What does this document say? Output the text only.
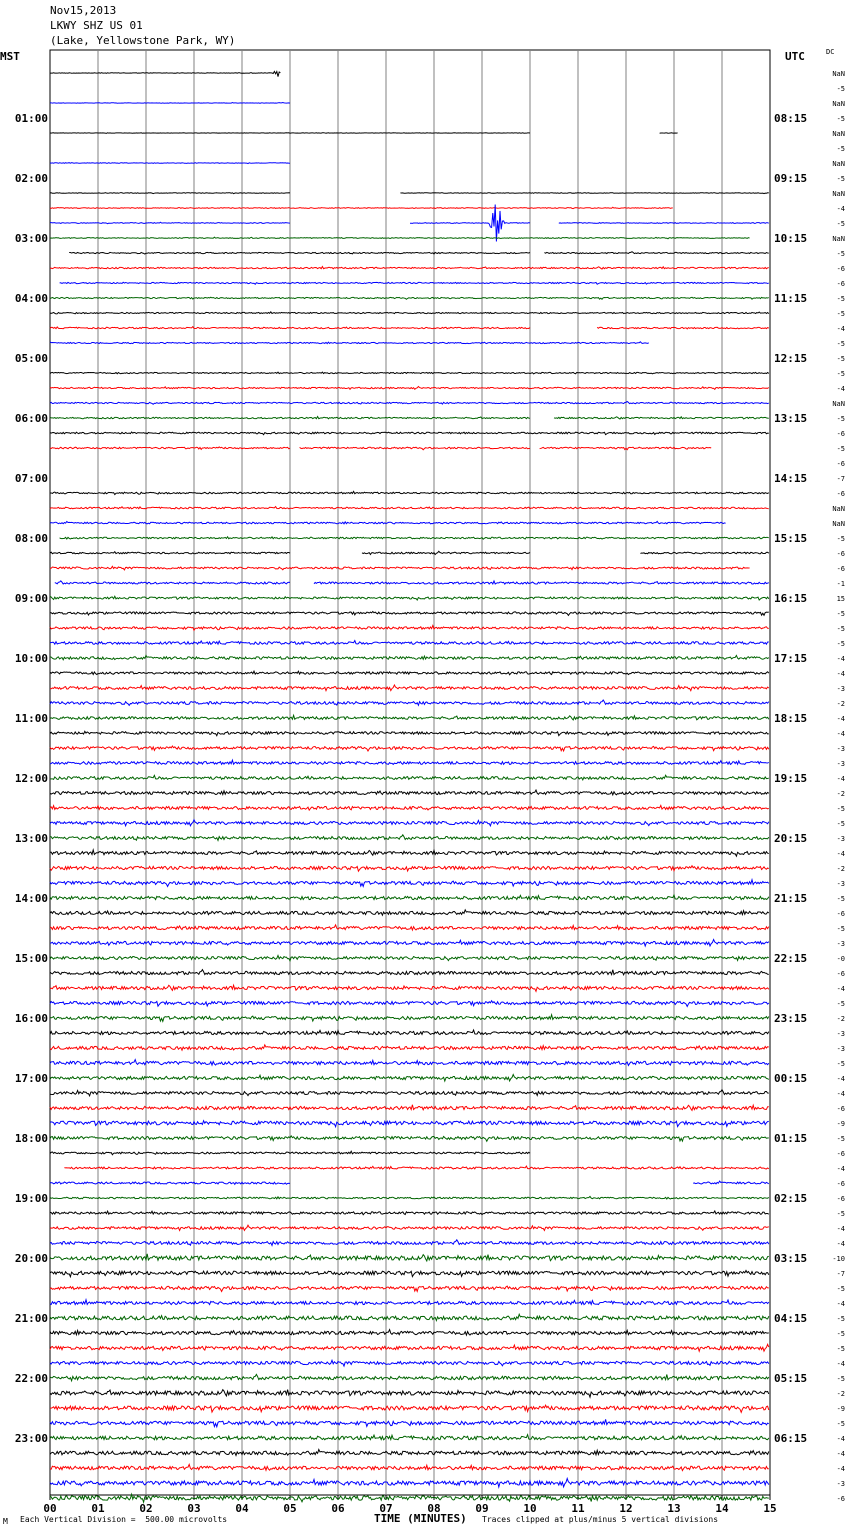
Nov15,2013
LKWY SHZ US 01
(Lake, Yellowstone Park, WY)
MST	UTC	DC
00	01	02	03	04	05	06	07	08	09	10	11	12	13	14	15
01:00
02:00
03:00
04:00
05:00
06:00
07:00
08:00
09:00
10:00
11:00
12:00
13:00
14:00
15:00
16:00
17:00
18:00
19:00
20:00
21:00
22:00
23:00
08:15
09:15
10:15
11:15
12:15
13:15
14:15
15:15
16:15
17:15
18:15
19:15
20:15
21:15
22:15
23:15
00:15
01:15
02:15
03:15
04:15
05:15
06:15
NaN
-5
NaN
-5
NaN
-5
NaN
-5
NaN
-4
-5
NaN
-5
-6
-6
-5
-5
-4
-5
-5
-5
-4
NaN
-5
-6
-5
-6
-7
-6
NaN
NaN
-5
-6
-6
-1
15
-5
-5
-5
-4
-4
-3
-2
-4
-4
-3
-3
-4
-2
-5
-5
-3
-4
-2
-3
-5
-6
-5
-3
-0
-6
-4
-5
-2
-3
-3
-5
-4
-4
-6
-9
-5
-6
-4
-6
-6
-5
-4
-4
-10
-7
-5
-4
-5
-5
-5
-4
-5
-2
-9
-5
-4
-4
-4
-3
-6
M Each Vertical Division =  500.00 microvolts	TIME (MINUTES) Traces clipped at plus/minus 5 vertical divisions
